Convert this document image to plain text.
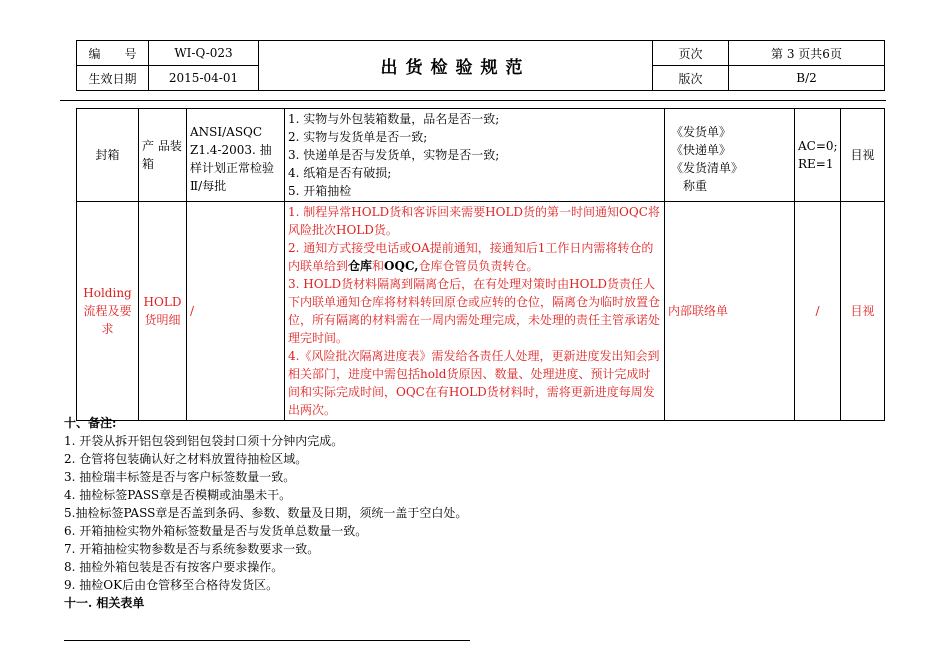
编　　号	WI-Q-023	出货检验规范	页次	第 3 页共6页
生效日期	2015-04-01		版次	B/2
封箱	产 品装箱	ANSI/ASQC Z1.4-2003. 抽样计划正常检验Ⅱ/每批	1. 实物与外包装箱数量，品名是否一致;
2. 实物与发货单是否一致;
3. 快递单是否与发货单，实物是否一致;
4. 纸箱是否有破损;
5. 开箱抽检	《发货单》
《快递单》
《发货清单》
称重	AC=0; RE=1	目视
Holding流程及要求	HOLD货明细	/	1. 制程异常HOLD货和客诉回来需要HOLD货的第一时间通知OQC将风险批次HOLD货。
2. 通知方式接受电话或OA提前通知，接通知后1工作日内需将转仓的内联单给到仓库和OQC,仓库仓管员负责转仓。
3. HOLD货材料隔离到隔离仓后，在有处理对策时由HOLD货责任人下内联单通知仓库将材料转回原仓或应转的仓位，隔离仓为临时放置仓位，所有隔离的材料需在一周内需处理完成，未处理的责任主管承诺处理完时间。
4.《风险批次隔离进度表》需发给各责任人处理，更新进度发出知会到相关部门，进度中需包括hold货原因、数量、处理进度、预计完成时间和实际完成时间，OQC在有HOLD货材料时，需将更新进度每周发出两次。	内部联络单	/	目视
十、备注:
1. 开袋从拆开铝包袋到铝包袋封口须十分钟内完成。
2. 仓管将包装确认好之材料放置待抽检区域。
3. 抽检瑞丰标签是否与客户标签数量一致。
4. 抽检标签PASS章是否模糊或油墨未干。
5.抽检标签PASS章是否盖到条码、参数、数量及日期，须统一盖于空白处。
6. 开箱抽检实物外箱标签数量是否与发货单总数量一致。
7. 开箱抽检实物参数是否与系统参数要求一致。
8. 抽检外箱包装是否有按客户要求操作。
9. 抽检OK后由仓管移至合格待发货区。
十一. 相关表单
